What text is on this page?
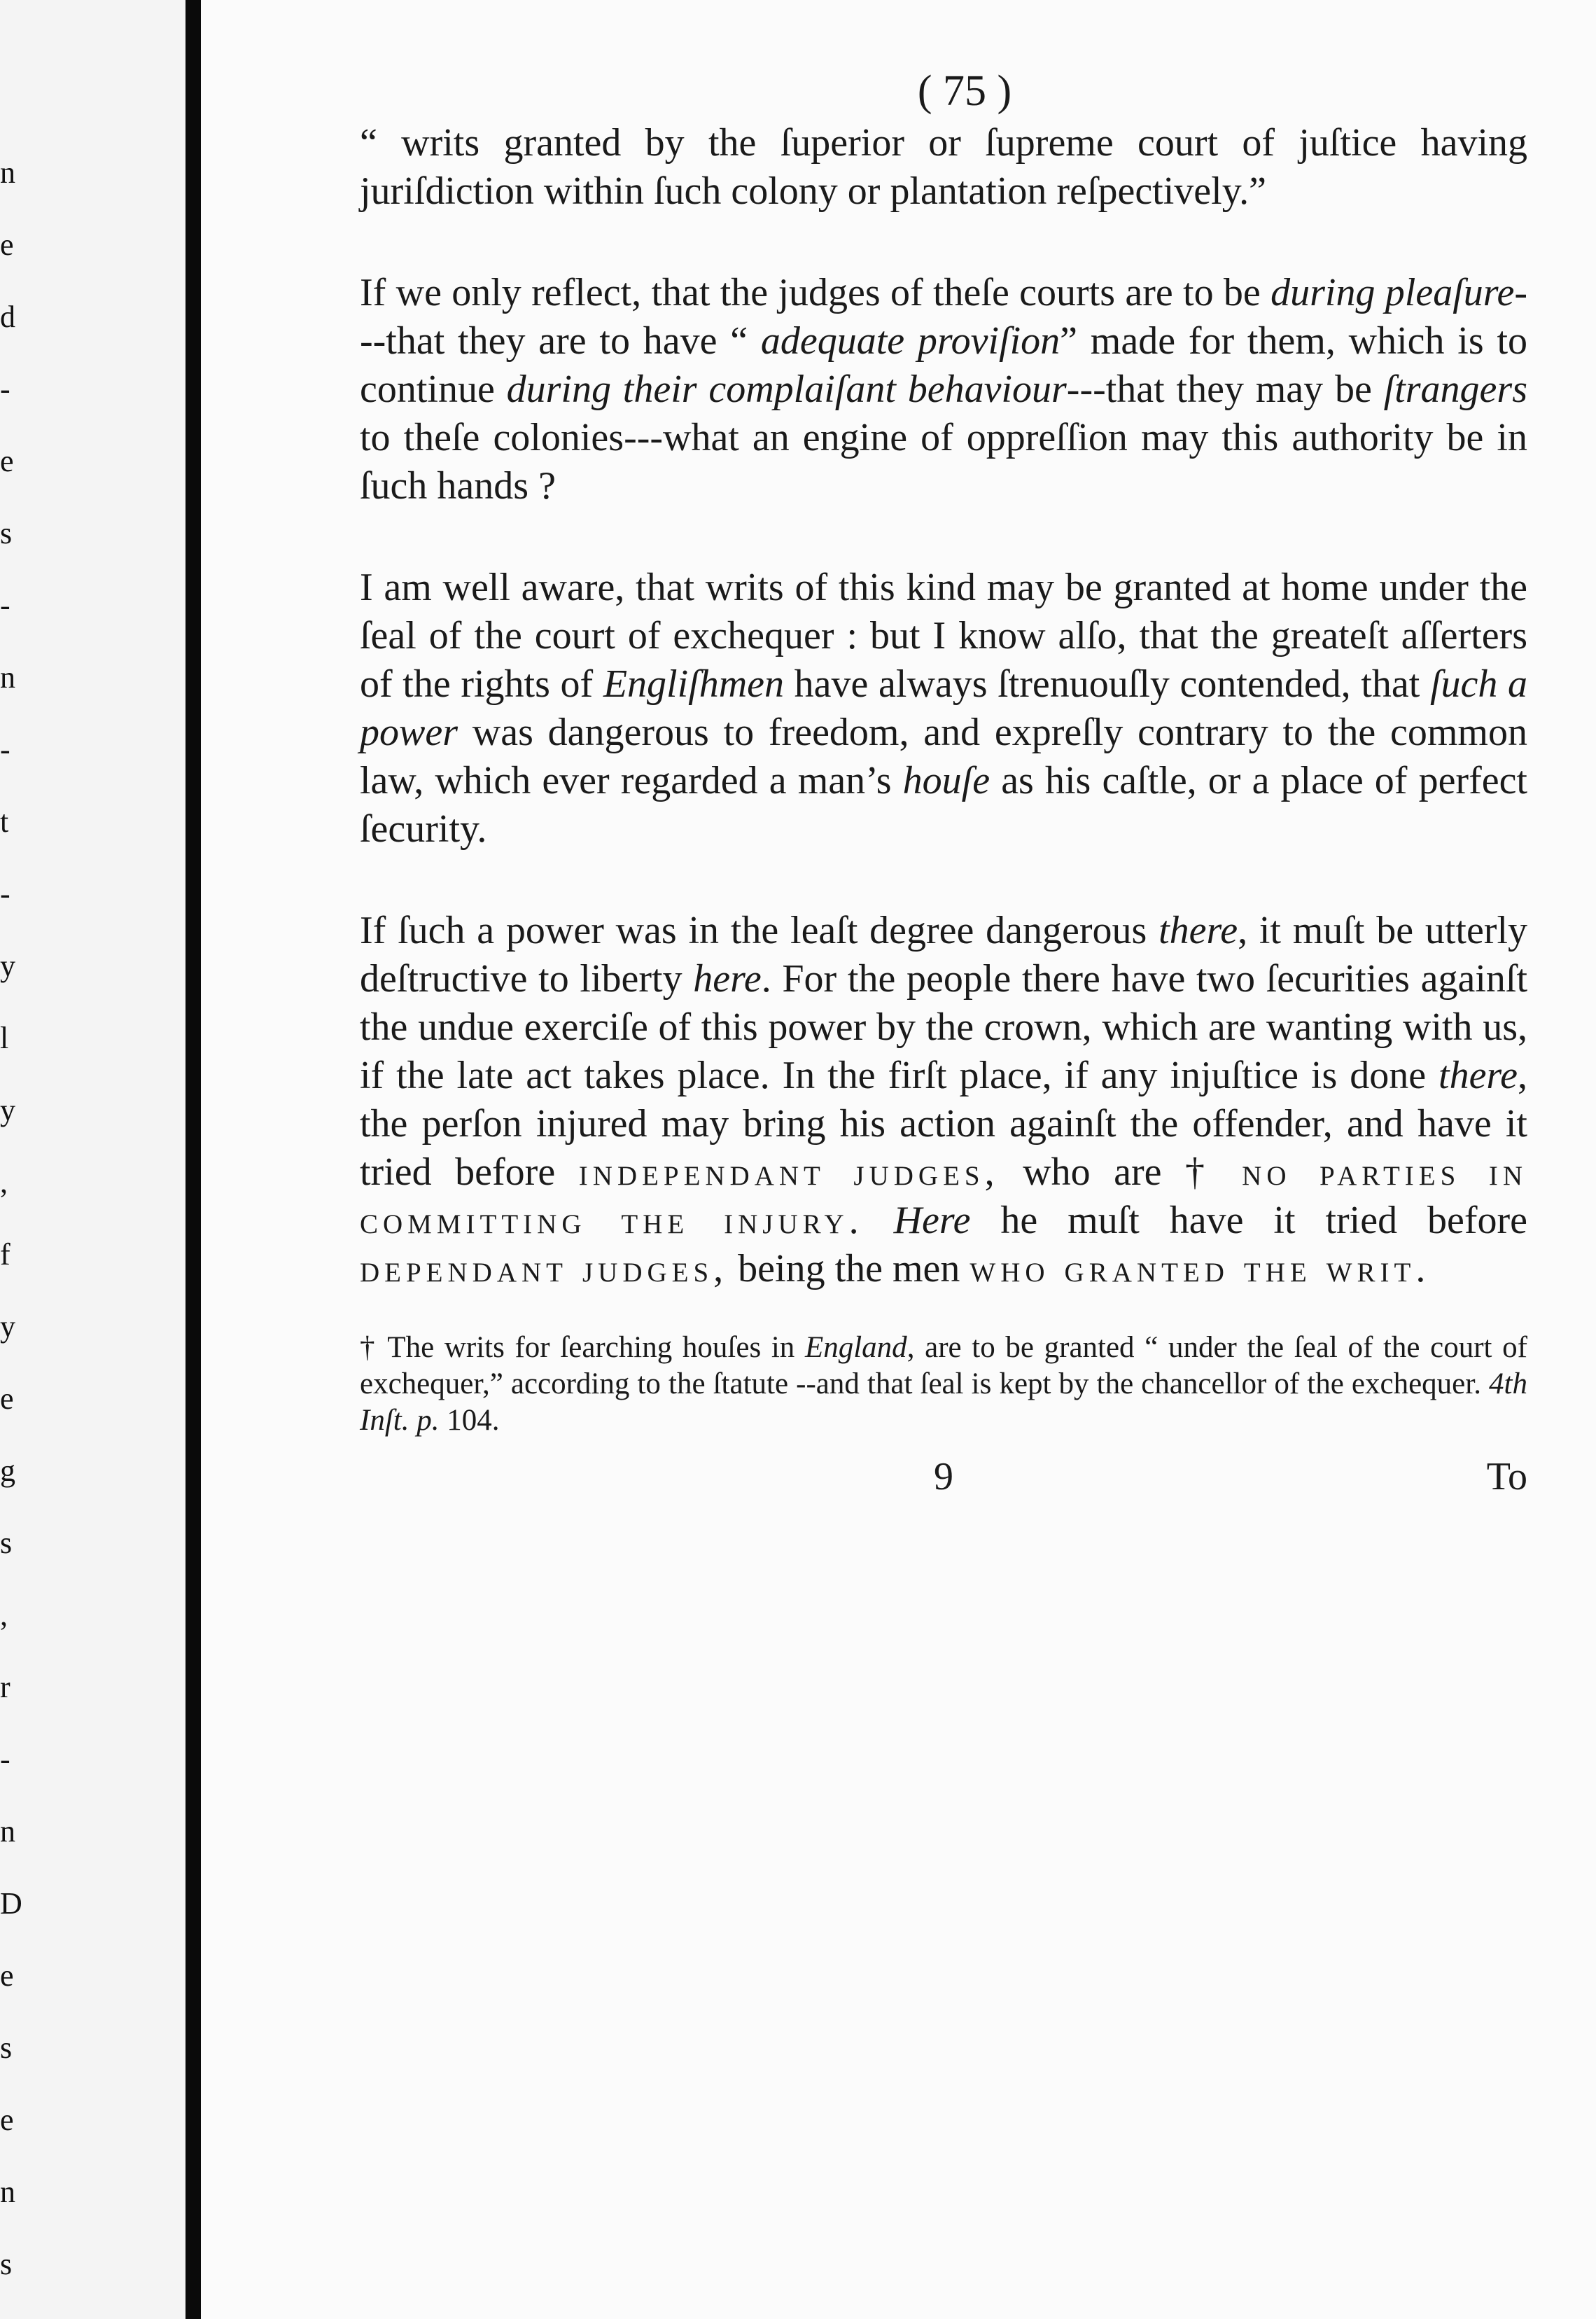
n
e
d
-
e
s
-
n
-
t
-
y
l
y
,
f
y
e
g
s
,
r
-
n
D
e
s
e
n
s
( 75 )

“ writs granted by the ſuperior or ſupreme court of juſtice having juriſdiction within ſuch colony or plantation reſpectively.”

If we only reflect, that the judges of theſe courts are to be during pleaſure---that they are to have “ adequate proviſion” made for them, which is to continue during their complaiſant behaviour---that they may be ſtrangers to theſe colonies---what an engine of oppreſſion may this authority be in ſuch hands ?

I am well aware, that writs of this kind may be granted at home under the ſeal of the court of exchequer : but I know alſo, that the greateſt aſſerters of the rights of Engliſhmen have always ſtrenuouſly contended, that ſuch a power was dangerous to freedom, and expreſly contrary to the common law, which ever regarded a man’s houſe as his caſtle, or a place of perfect ſecurity.

If ſuch a power was in the leaſt degree dangerous there, it muſt be utterly deſtructive to liberty here. For the people there have two ſecurities againſt the undue exerciſe of this power by the crown, which are wanting with us, if the late act takes place. In the firſt place, if any injuſtice is done there, the perſon injured may bring his action againſt the offender, and have it tried before independant judges, who are † no parties in committing the injury. Here he muſt have it tried before dependant judges, being the men who granted the writ.

† The writs for ſearching houſes in England, are to be granted “ under the ſeal of the court of exchequer,” according to the ſtatute --and that ſeal is kept by the chancellor of the exchequer. 4th Inſt. p. 104.

9	To
